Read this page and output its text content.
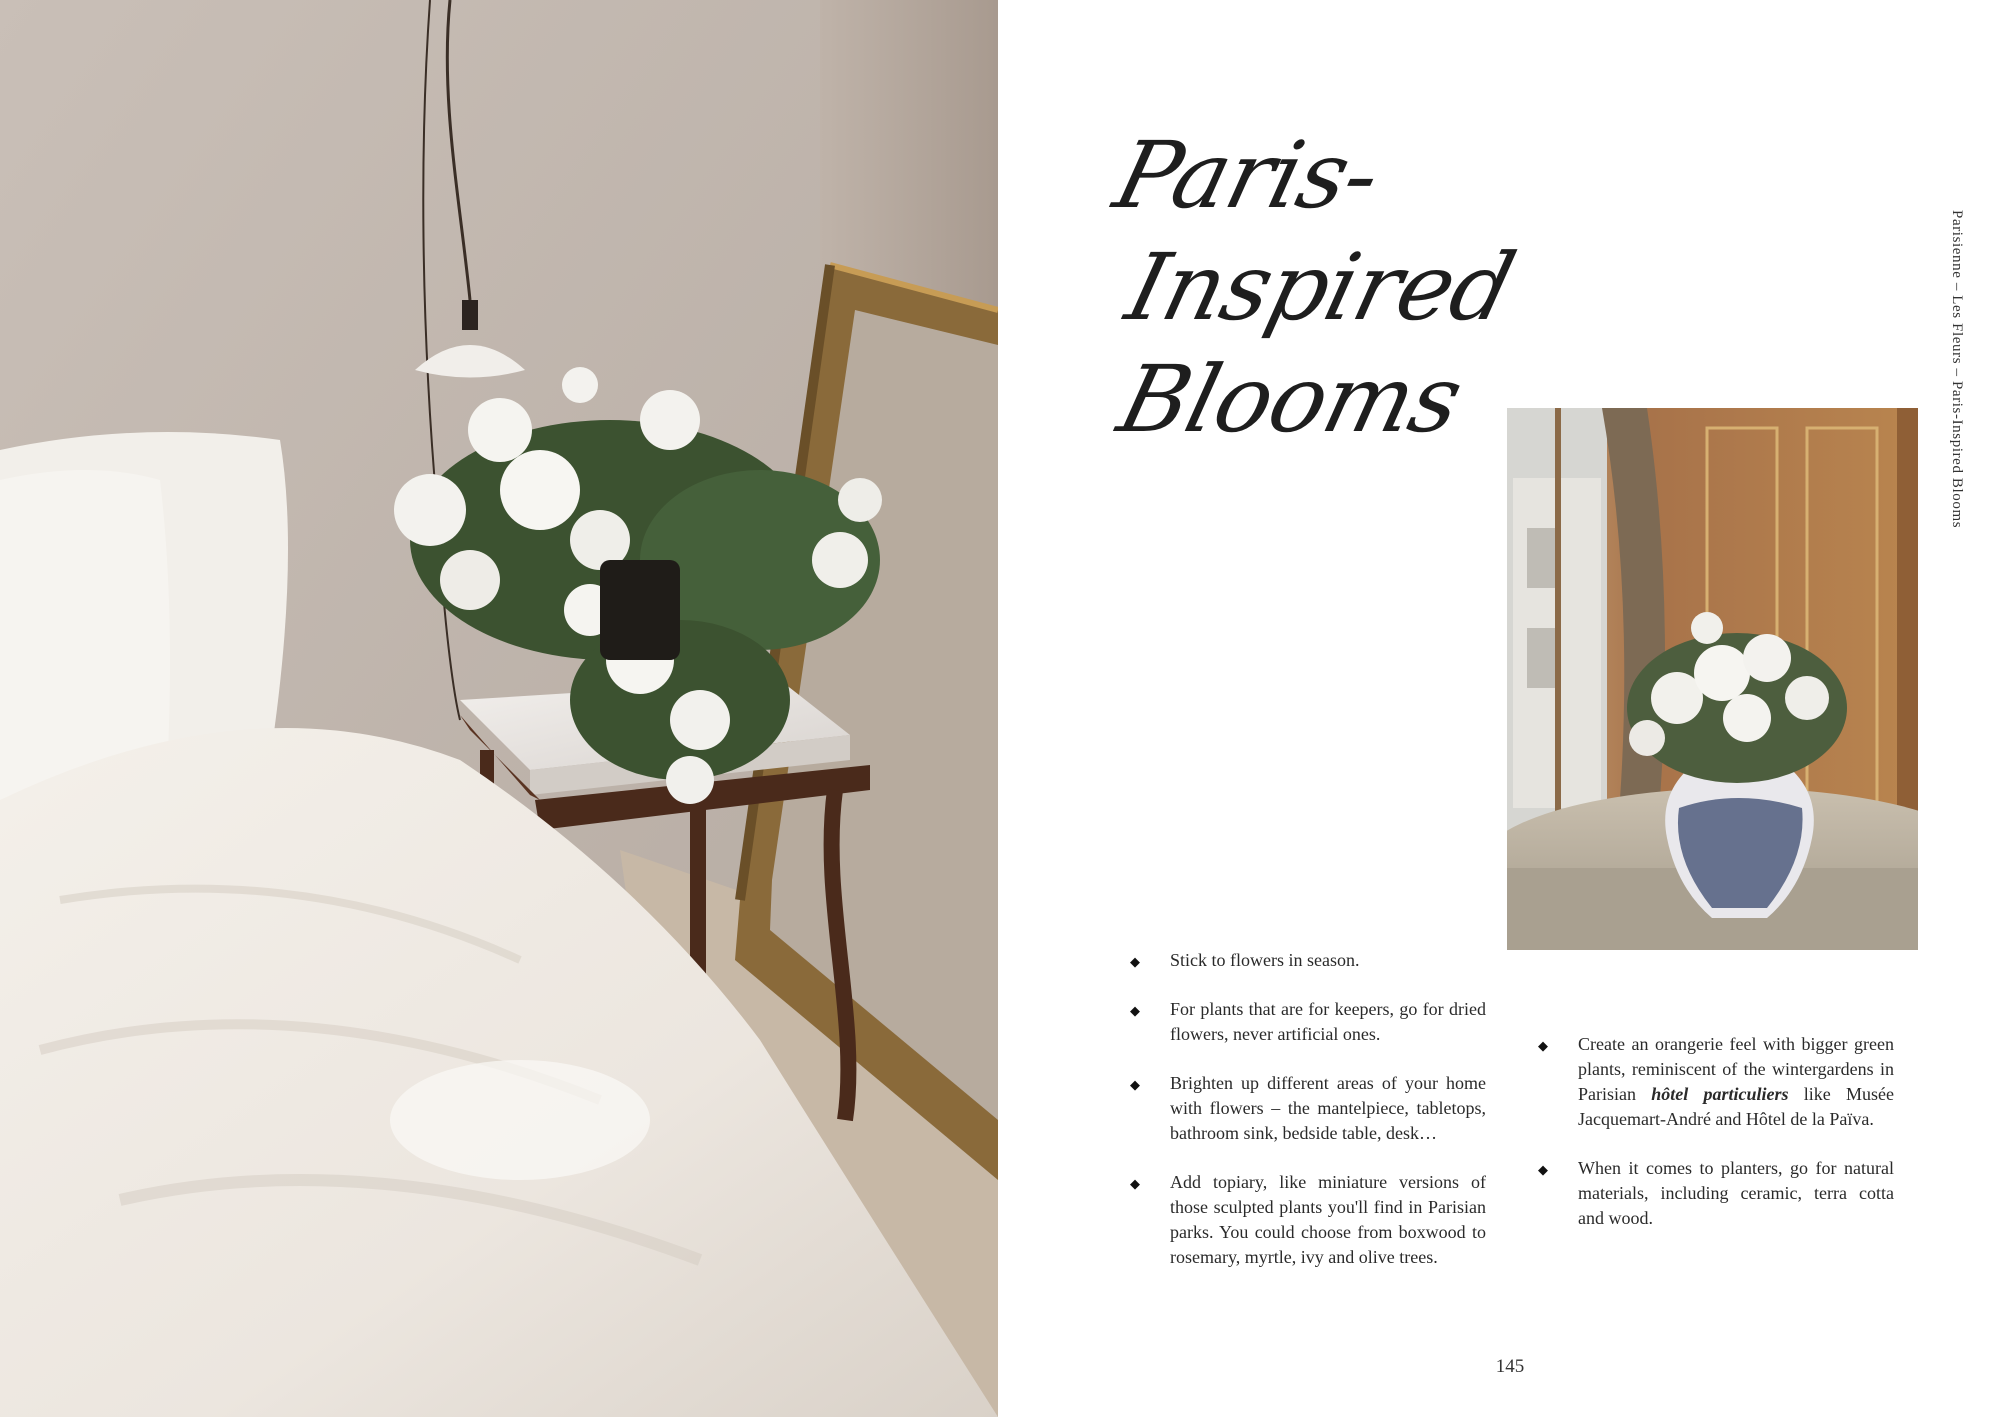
Paris-
Inspired
Blooms	Parisienne – Les Fleurs – Paris-Inspired Blooms
◆ Stick to flowers in season.
◆ For plants that are for keepers, go for dried flowers, never artificial ones.
◆ Brighten up different areas of your home with flowers – the mantelpiece, tabletops, bathroom sink, bedside table, desk…
◆ Add topiary, like miniature versions of those sculpted plants you'll find in Parisian parks. You could choose from boxwood to rosemary, myrtle, ivy and olive trees.
◆ Create an orangerie feel with bigger green plants, reminiscent of the wintergardens in Parisian hôtel particuliers like Musée Jacquemart-André and Hôtel de la Païva.
◆ When it comes to planters, go for natural materials, including ceramic, terra cotta and wood.
145
